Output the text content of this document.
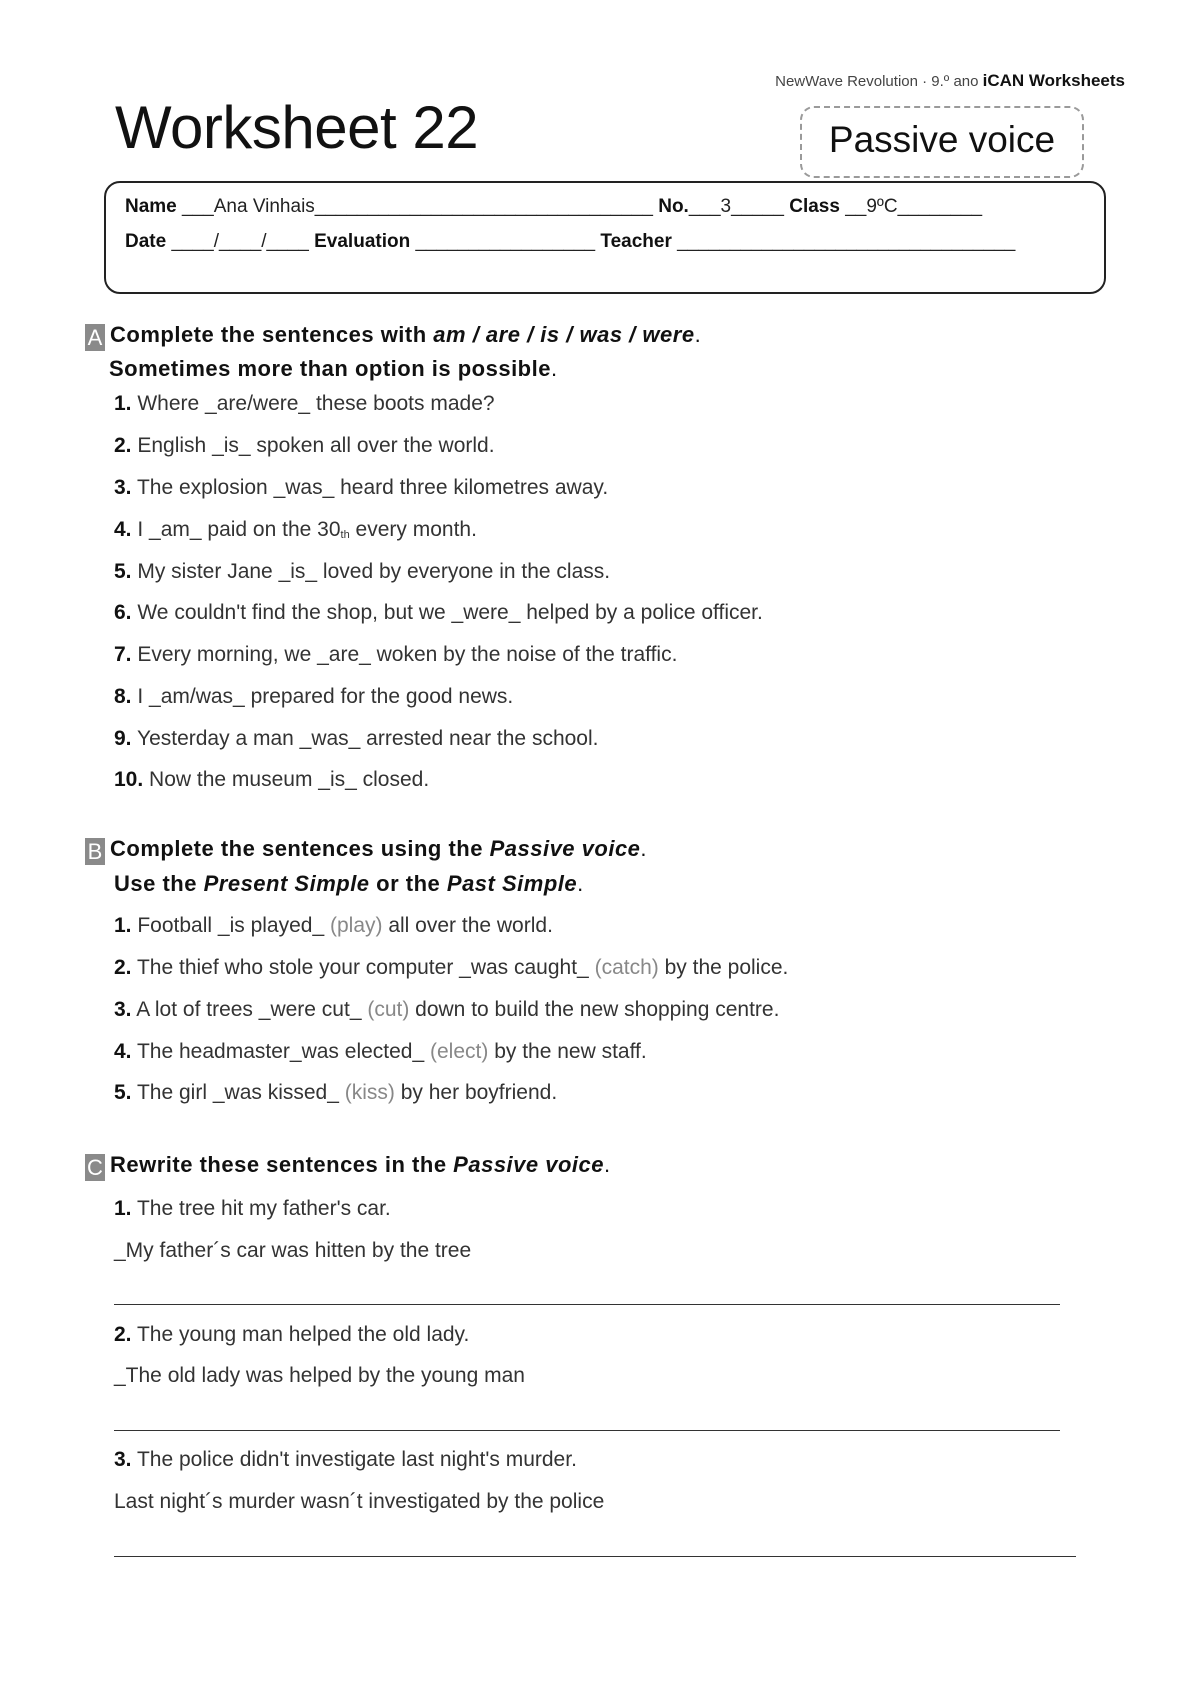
NewWave Revolution · 9.º ano iCAN Worksheets
Worksheet 22	Passive voice
Name ___Ana Vinhais________________________________ No.___3_____ Class __9ºC________
Date ____/____/____ Evaluation _________________ Teacher ________________________________
A Complete the sentences with am / are / is / was / were.
Sometimes more than option is possible.
1. Where _are/were_ these boots made?
2. English _is_ spoken all over the world.
3. The explosion _was_ heard three kilometres away.
4. I _am_ paid on the 30th every month.
5. My sister Jane _is_ loved by everyone in the class.
6. We couldn't find the shop, but we _were_ helped by a police officer.
7. Every morning, we _are_ woken by the noise of the traffic.
8. I _am/was_ prepared for the good news.
9. Yesterday a man _was_ arrested near the school.
10. Now the museum _is_ closed.
B Complete the sentences using the Passive voice.
Use the Present Simple or the Past Simple.
1. Football _is played_ (play) all over the world.
2. The thief who stole your computer _was caught_ (catch) by the police.
3. A lot of trees _were cut_ (cut) down to build the new shopping centre.
4. The headmaster_was elected_ (elect) by the new staff.
5. The girl _was kissed_ (kiss) by her boyfriend.
C Rewrite these sentences in the Passive voice.
1. The tree hit my father's car.
_My father´s car was hitten by the tree
2. The young man helped the old lady.
_The old lady was helped by the young man
3. The police didn't investigate last night's murder.
Last night´s murder wasn´t investigated by the police
